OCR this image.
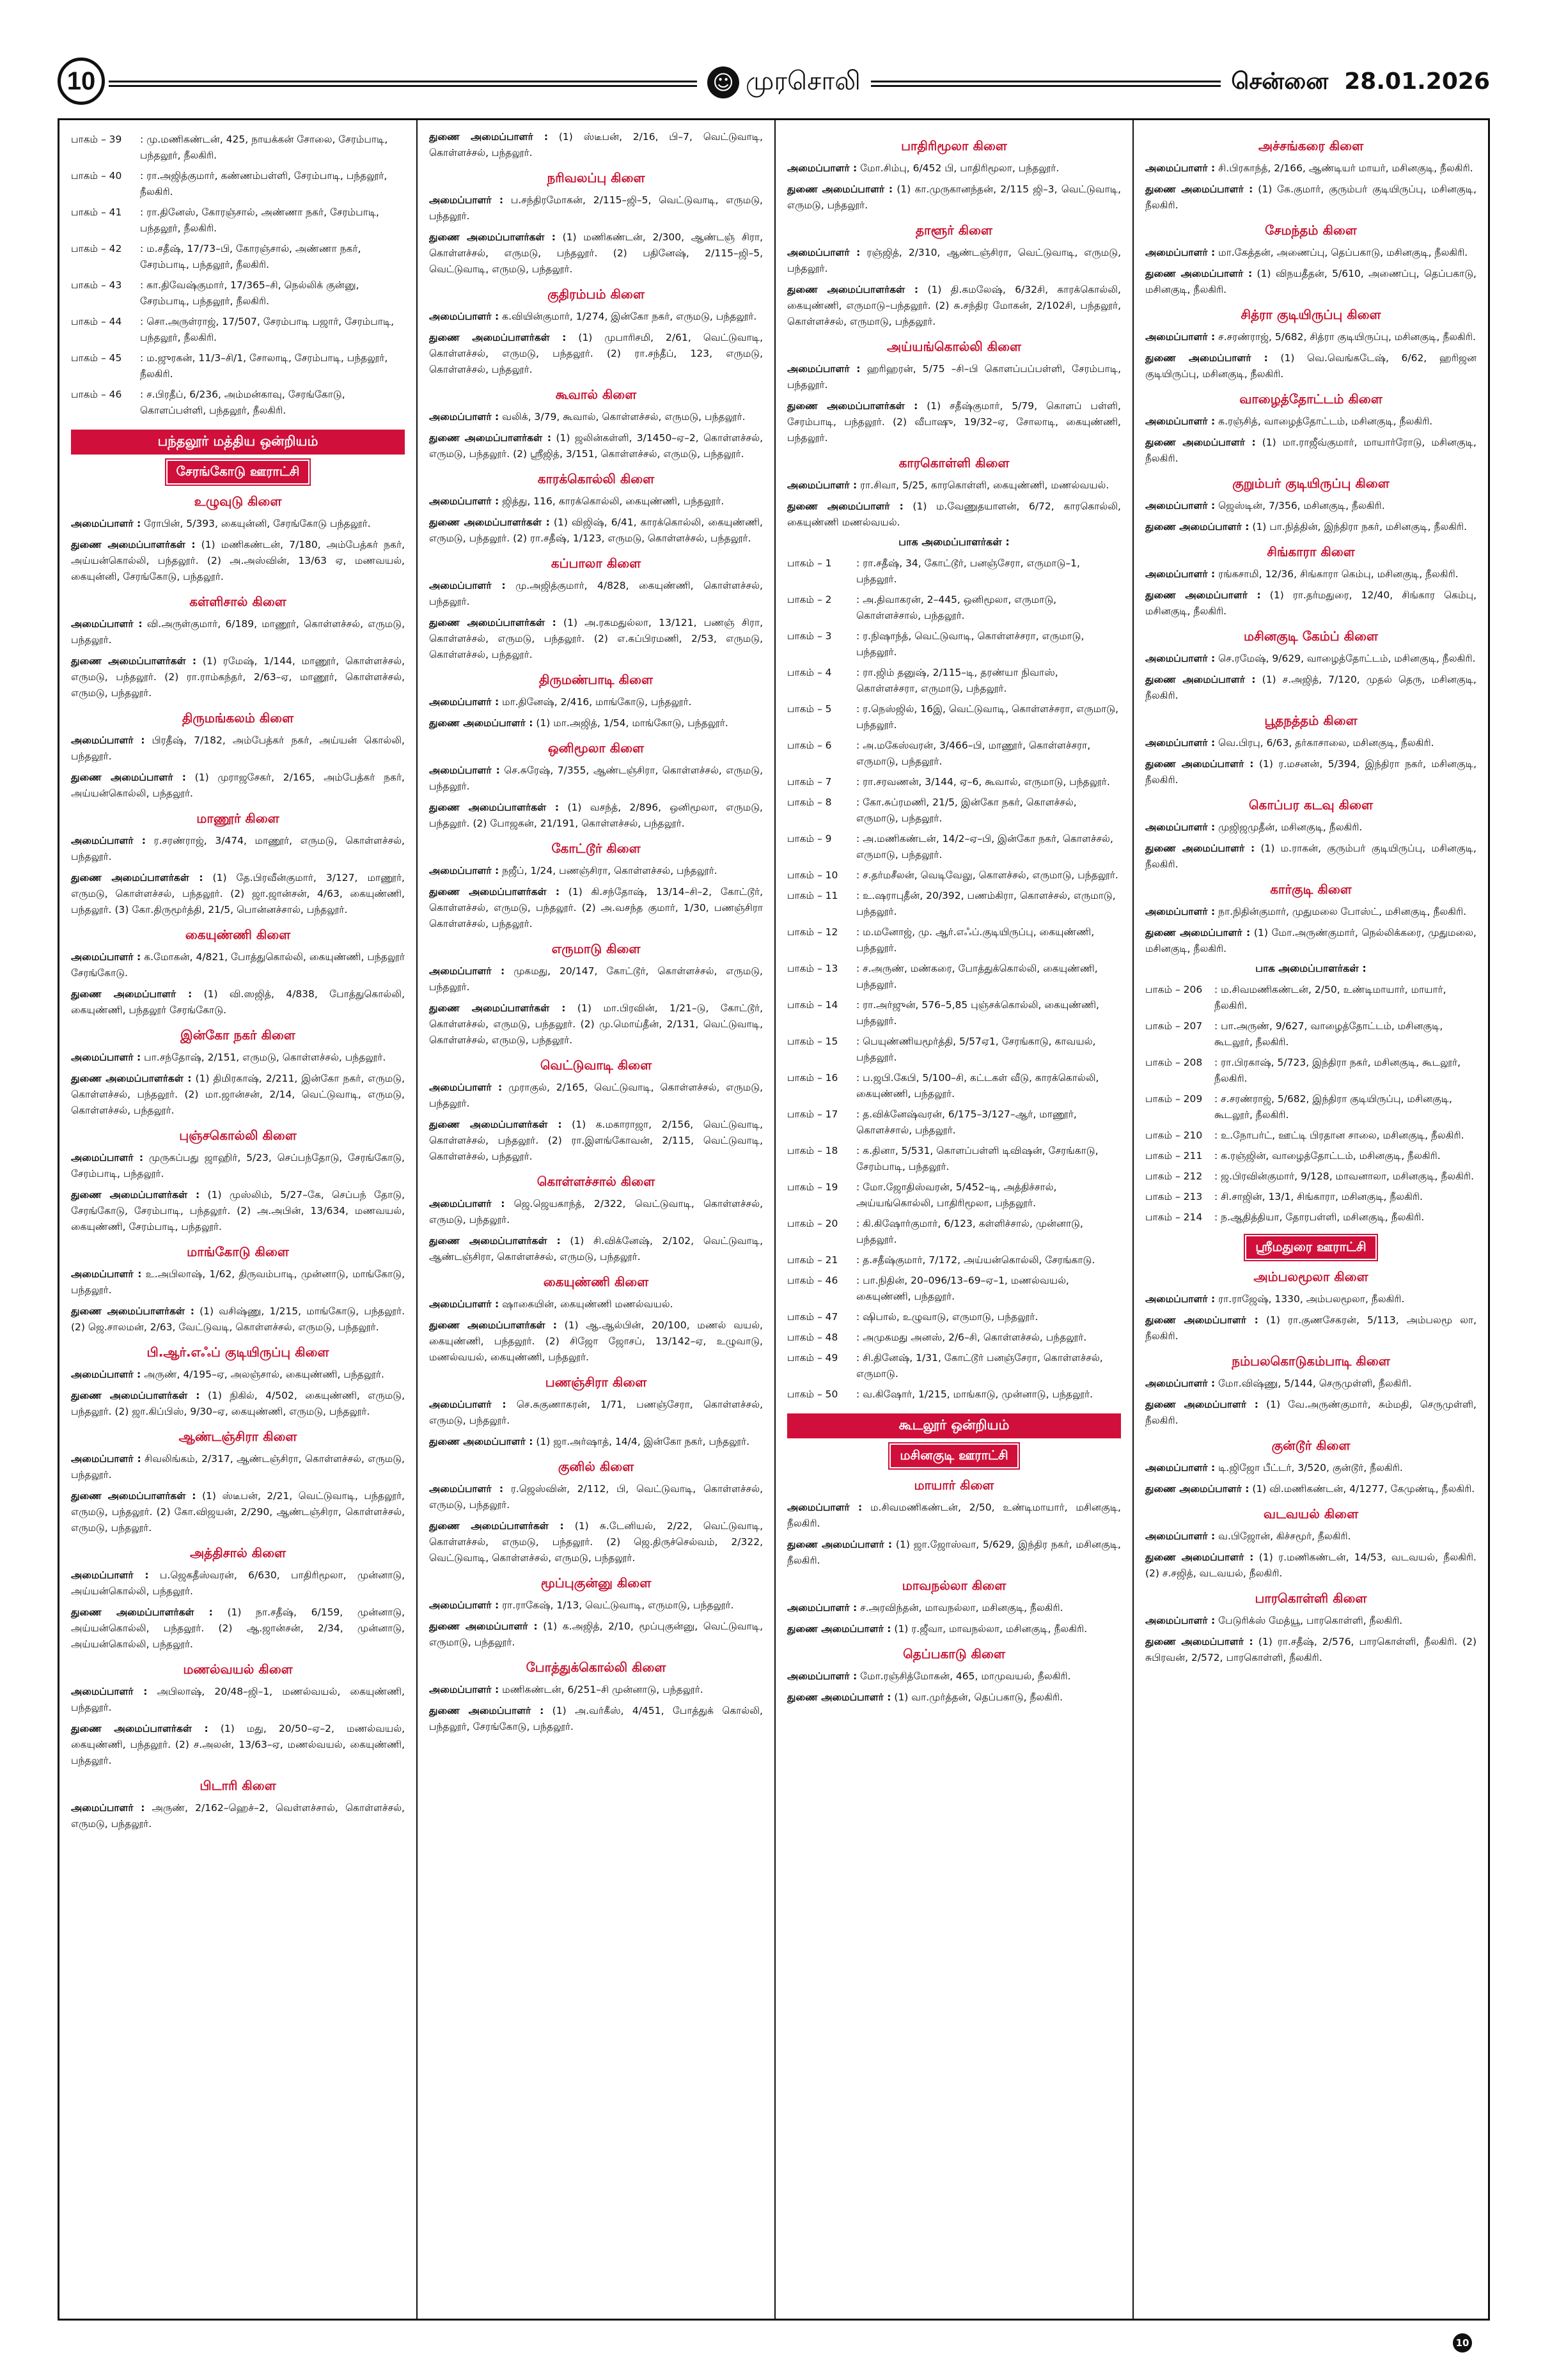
10	☺ முரசொலி	சென்னை 28.01.2026
பாகம் – 39	: மு.மணிகண்டன், 425, நாயக்கன் சோலை, சேரம்பாடி, பந்தலூர், நீலகிரி.
பாகம் – 40	: ரா.அஜித்குமார், கண்ணம்பள்ளி, சேரம்பாடி, பந்தலூர், நீலகிரி.
பாகம் – 41	: ரா.தினேஸ், கோரஞ்சால், அண்ணா நகர், சேரம்பாடி, பந்தலூர், நீலகிரி.
பாகம் – 42	: ம.சதீஷ், 17/73–பி, கோரஞ்சால், அண்ணா நகர், சேரம்பாடி, பந்தலூர், நீலகிரி.
பாகம் – 43	: கா.திவேஷ்குமார், 17/365–சி, நெல்லிக் குன்னு, சேரம்பாடி, பந்தலூர், நீலகிரி.
பாகம் – 44	: சொ.அருள்ராஜ், 17/507, சேரம்பாடி பஜார், சேரம்பாடி, பந்தலூர், நீலகிரி.
பாகம் – 45	: ம.ஜுரகன், 11/3–சி/1, சோலாடி, சேரம்பாடி, பந்தலூர், நீலகிரி.
பாகம் – 46	: ச.பிரதீப், 6/236, அம்மன்காவு, சேரங்கோடு, கொளப்பள்ளி, பந்தலூர், நீலகிரி.
பந்தலூர் மத்திய ஒன்றியம்
சேரங்கோடு ஊராட்சி
உழுவுடு கிளை

அமைப்பாளர் : ரோபின், 5/393, கையுன்னி, சேரங்கோடு பந்தலூர்.

துணை அமைப்பாளர்கள் : (1) மணிகண்டன், 7/180, அம்பேத்கர் நகர், அய்யன்கொல்லி, பந்தலூர். (2) அ.அஸ்வின், 13/63 ஏ, மணவயல், கையுன்னி, சேரங்கோடு, பந்தலூர்.

கள்ளிசால் கிளை

அமைப்பாளர் : வி.அருள்குமார், 6/189, மாணூர், கொள்ளச்சல், எருமடு, பந்தலூர்.

துணை அமைப்பாளர்கள் : (1) ரமேஷ், 1/144, மாணூர், கொள்ளச்சல், எருமடு, பந்தலூர். (2) ரா.ராம்கந்தர், 2/63–ஏ, மாணூர், கொள்ளச்சல், எருமடு, பந்தலூர்.

திருமங்கலம் கிளை

அமைப்பாளர் : பிரதீஷ், 7/182, அம்பேத்கர் நகர், அய்யன் கொல்லி, பந்தலூர்.

துணை அமைப்பாளர் : (1) முராஜசேகர், 2/165, அம்பேத்கர் நகர், அய்யன்கொல்லி, பந்தலூர்.

மாணூர் கிளை

அமைப்பாளர் : ர.சரண்ராஜ், 3/474, மாணூர், எருமடு, கொள்ளச்சல், பந்தலூர்.

துணை அமைப்பாளர்கள் : (1) தே.பிரவீன்குமார், 3/127, மாணூர், எருமடு, கொள்ளச்சல், பந்தலூர். (2) ஜா.ஜான்சன், 4/63, கையுண்ணி, பந்தலூர். (3) கோ.திருமூர்த்தி, 21/5, பொன்னச்சால், பந்தலூர்.

கையுண்ணி கிளை

அமைப்பாளர் : க.மோகன், 4/821, போத்துகொல்லி, கையுண்ணி, பந்தலூர் சேரங்கோடு.

துணை அமைப்பாளர் : (1) வி.ஸஜித், 4/838, போத்துகொல்லி, கையுண்ணி, பந்தலூர் சேரங்கோடு.

இன்கோ நகர் கிளை

அமைப்பாளர் : பா.சந்தோஷ், 2/151, எருமடு, கொள்ளச்சல், பந்தலூர்.

துணை அமைப்பாளர்கள் : (1) திமிரகாஷ், 2/211, இன்கோ நகர், எருமடு, கொள்ளச்சல், பந்தலூர். (2) மா.ஜான்சன், 2/14, வெட்டுவாடி, எருமடு, கொள்ளச்சல், பந்தலூர்.

புஞ்சகொல்லி கிளை

அமைப்பாளர் : முருகப்பது ஜாஹிர், 5/23, செப்பந்தோடு, சேரங்கோடு, சேரம்பாடி, பந்தலூர்.

துணை அமைப்பாளர்கள் : (1) முஸ்லிம், 5/27–கே, செப்பந் தோடு, சேரங்கோடு, சேரம்பாடி, பந்தலூர். (2) அ.அபின், 13/634, மணவயல், கையுண்ணி, சேரம்பாடி, பந்தலூர்.

மாங்கோடு கிளை

அமைப்பாளர் : உ.அபிலாஷ், 1/62, திருவம்பாடி, முன்னாடு, மாங்கோடு, பந்தலூர்.

துணை அமைப்பாளர்கள் : (1) வசிஷ்ணு, 1/215, மாங்கோடு, பந்தலூர். (2) ஜெ.சாலமன், 2/63, வேட்டுவடி, கொள்ளச்சல், எருமடு, பந்தலூர்.

பி.ஆர்.எஃப் குடியிருப்பு கிளை

அமைப்பாளர் : அருண், 4/195–ஏ, அலஞ்சால், கையுண்ணி, பந்தலூர்.

துணை அமைப்பாளர்கள் : (1) நிகில், 4/502, கையுண்ணி, எருமடு, பந்தலூர். (2) ஜா.கிப்பிஸ், 9/30–ஏ, கையுண்ணி, எருமடு, பந்தலூர்.

ஆண்டஞ்சிரா கிளை

அமைப்பாளர் : சிவலிங்கம், 2/317, ஆண்டஞ்சிரா, கொள்ளச்சல், எருமடு, பந்தலூர்.

துணை அமைப்பாளர்கள் : (1) ஸ்டீபன், 2/21, வெட்டுவாடி, பந்தலூர், எருமடு, பந்தலூர். (2) கோ.விஜயன், 2/290, ஆண்டஞ்சிரா, கொள்ளச்சல், எருமடு, பந்தலூர்.

அத்திசால் கிளை

அமைப்பாளர் : ப.ஜெகதீஸ்வரன், 6/630, பாதிரிமூலா, முன்னாடு, அய்யன்கொல்லி, பந்தலூர்.

துணை அமைப்பாளர்கள் : (1) நா.சதீஷ், 6/159, முன்னாடு, அய்யன்கொல்லி, பந்தலூர். (2) ஆ.ஜான்சன், 2/34, முன்னாடு, அய்யன்கொல்லி, பந்தலூர்.

மணல்வயல் கிளை

அமைப்பாளர் : அபிலாஷ், 20/48–ஜி–1, மணல்வயல், கையுண்ணி, பந்தலூர்.

துணை அமைப்பாளர்கள் : (1) மது, 20/50–ஏ–2, மணல்வயல், கையுண்ணி, பந்தலூர். (2) ச.அலன், 13/63–ஏ, மணல்வயல், கையுண்ணி, பந்தலூர்.

பிடாரி கிளை

அமைப்பாளர் : அருண், 2/162–ஹெச்–2, வெள்ளச்சால், கொள்ளச்சல், எருமடு, பந்தலூர்.

துணை அமைப்பாளர் : (1) ஸ்டீபன், 2/16, பி–7, வெட்டுவாடி, கொள்ளச்சல், பந்தலூர்.

நரிவலப்பு கிளை

அமைப்பாளர் : ப.சந்திரமோகன், 2/115–ஜி–5, வெட்டுவாடி, எருமடு, பந்தலூர்.

துணை அமைப்பாளர்கள் : (1) மணிகண்டன், 2/300, ஆண்டஞ் சிரா, கொள்ளச்சல், எருமடு, பந்தலூர். (2) பதினேஷ், 2/115–ஜி–5, வெட்டுவாடி, எருமடு, பந்தலூர்.

குதிரம்பம் கிளை

அமைப்பாளர் : க.வியின்குமார், 1/274, இன்கோ நகர், எருமடு, பந்தலூர்.

துணை அமைப்பாளர்கள் : (1) முபாரிசமி, 2/61, வெட்டுவாடி, கொள்ளச்சல், எருமடு, பந்தலூர். (2) ரா.சந்தீப், 123, எருமடு, கொள்ளச்சல், பந்தலூர்.

கூவால் கிளை

அமைப்பாளர் : வலிக், 3/79, கூவால், கொள்ளச்சல், எருமடு, பந்தலூர்.

துணை அமைப்பாளர்கள் : (1) ஜலின்கள்ளி, 3/1450–ஏ–2, கொள்ளச்சல், எருமடு, பந்தலூர். (2) ஸ்ரீஜித், 3/151, கொள்ளச்சல், எருமடு, பந்தலூர்.

காரக்கொல்லி கிளை

அமைப்பாளர் : ஜித்து, 116, காரக்கொல்லி, கையுண்ணி, பந்தலூர்.

துணை அமைப்பாளர்கள் : (1) விஜிஷ், 6/41, காரக்கொல்லி, கையுண்ணி, எருமடு, பந்தலூர். (2) ரா.சதீஷ், 1/123, எருமடு, கொள்ளச்சல், பந்தலூர்.

கப்பாலா கிளை

அமைப்பாளர் : மு.அஜித்குமார், 4/828, கையுண்ணி, கொள்ளச்சல், பந்தலூர்.

துணை அமைப்பாளர்கள் : (1) அ.ரகமதுல்லா, 13/121, பணஞ் சிரா, கொள்ளச்சல், எருமடு, பந்தலூர். (2) எ.கப்பிரமணி, 2/53, எருமடு, கொள்ளச்சல், பந்தலூர்.

திருமண்பாடி கிளை

அமைப்பாளர் : மா.தினேஷ், 2/416, மாங்கோடு, பந்தலூர்.

துணை அமைப்பாளர் : (1) மா.அஜித், 1/54, மாங்கோடு, பந்தலூர்.

ஒனிமூலா கிளை

அமைப்பாளர் : செ.சுரேஷ், 7/355, ஆண்டஞ்சிரா, கொள்ளச்சல், எருமடு, பந்தலூர்.

துணை அமைப்பாளர்கள் : (1) வசந்த், 2/896, ஒனிமூலா, எருமடு, பந்தலூர். (2) போஜகன், 21/191, கொள்ளச்சல், பந்தலூர்.

கோட்டூர் கிளை

அமைப்பாளர் : நஜீப், 1/24, பணஞ்சிரா, கொள்ளச்சல், பந்தலூர்.

துணை அமைப்பாளர்கள் : (1) கி.சந்தோஷ், 13/14–சி–2, கோட்டூர், கொள்ளச்சல், எருமடு, பந்தலூர். (2) அ.வசந்த குமார், 1/30, பணஞ்சிரா கொள்ளச்சல், பந்தலூர்.

எருமாடு கிளை

அமைப்பாளர் : முகமது, 20/147, கோட்டூர், கொள்ளச்சல், எருமடு, பந்தலூர்.

துணை அமைப்பாளர்கள் : (1) மா.பிரவின், 1/21–டு, கோட்டூர், கொள்ளச்சல், எருமடு, பந்தலூர். (2) மு.மொய்தீன், 2/131, வெட்டுவாடி, கொள்ளச்சல், எருமடு, பந்தலூர்.

வெட்டுவாடி கிளை

அமைப்பாளர் : முராகுல், 2/165, வெட்டுவாடி, கொள்ளச்சல், எருமடு, பந்தலூர்.

துணை அமைப்பாளர்கள் : (1) க.மகாராஜா, 2/156, வெட்டுவாடி, கொள்ளச்சல், பந்தலூர். (2) ரா.இளங்கோவன், 2/115, வெட்டுவாடி, கொள்ளச்சல், பந்தலூர்.

கொள்ளச்சால் கிளை

அமைப்பாளர் : ஜெ.ஜெயகாந்த், 2/322, வெட்டுவாடி, கொள்ளச்சல், எருமடு, பந்தலூர்.

துணை அமைப்பாளர்கள் : (1) சி.விக்னேஷ், 2/102, வெட்டுவாடி, ஆண்டஞ்சிரா, கொள்ளச்சல், எருமடு, பந்தலூர்.

கையுண்ணி கிளை

அமைப்பாளர் : ஷாகையின், கையுண்ணி மணல்வயல்.

துணை அமைப்பாளர்கள் : (1) ஆ.ஆல்பின், 20/100, மணல் வயல், கையுண்ணி, பந்தலூர். (2) சிஜோ ஜோசப், 13/142–ஏ, உழுவாடு, மணல்வயல், கையுண்ணி, பந்தலூர்.

பணஞ்சிரா கிளை

அமைப்பாளர் : செ.சுகுணாகரன், 1/71, பணஞ்சேரா, கொள்ளச்சல், எருமடு, பந்தலூர்.

துணை அமைப்பாளர் : (1) ஜா.அர்ஷாத், 14/4, இன்கோ நகர், பந்தலூர்.

குனில் கிளை

அமைப்பாளர் : ர.ஜெஸ்வின், 2/112, பி, வெட்டுவாடி, கொள்ளச்சல், எருமடு, பந்தலூர்.

துணை அமைப்பாளர்கள் : (1) சு.டேனியல், 2/22, வெட்டுவாடி, கொள்ளச்சல், எருமடு, பந்தலூர். (2) ஜெ.திருச்செல்வம், 2/322, வெட்டுவாடி, கொள்ளச்சல், எருமடு, பந்தலூர்.

மூப்புகுன்னு கிளை

அமைப்பாளர் : ரா.ராகேஷ், 1/13, வெட்டுவாடி, எருமாடு, பந்தலூர்.

துணை அமைப்பாளர் : (1) க.அஜித், 2/10, மூப்புகுன்னு, வெட்டுவாடி, எருமாடு, பந்தலூர்.

போத்துக்கொல்லி கிளை

அமைப்பாளர் : மணிகண்டன், 6/251–சி முன்னாடு, பந்தலூர்.

துணை அமைப்பாளர் : (1) அ.வர்கீஸ், 4/451, போத்துக் கொல்லி, பந்தலூர், சேரங்கோடு, பந்தலூர்.

பாதிரிமூலா கிளை

அமைப்பாளர் : மோ.சிம்பு, 6/452 பி, பாதிரிமூலா, பந்தலூர்.

துணை அமைப்பாளர் : (1) கா.முருகானந்தன், 2/115 ஜி–3, வெட்டுவாடி, எருமடு, பந்தலூர்.

தாளூர் கிளை

அமைப்பாளர் : ரஞ்ஜித், 2/310, ஆண்டஞ்சிரா, வெட்டுவாடி, எருமடு, பந்தலூர்.

துணை அமைப்பாளர்கள் : (1) தி.கமலேஷ், 6/32சி, காரக்கொல்லி, கையுண்ணி, எருமாடு–பந்தலூர். (2) சு.சந்திர மோகன், 2/102சி, பந்தலூர், கொள்ளச்சல், எருமாடு, பந்தலூர்.

அய்யங்கொல்லி கிளை

அமைப்பாளர் : ஹரிஹரன், 5/75 –சி–பி கொளப்பப்பள்ளி, சேரம்பாடி, பந்தலூர்.

துணை அமைப்பாளர்கள் : (1) சதீஷ்குமார், 5/79, கொளப் பள்ளி, சேரம்பாடி, பந்தலூர். (2) வீபாஷு, 19/32–ஏ, சோலாடி, கையுண்ணி, பந்தலூர்.

காரகொள்ளி கிளை

அமைப்பாளர் : ரா.சிவா, 5/25, காரகொள்ளி, கையுண்ணி, மணல்வயல்.

துணை அமைப்பாளர் : (1) ம.வேணுதயாளன், 6/72, காரகொல்லி, கையுண்ணி மணல்வயல்.

பாக அமைப்பாளர்கள் :
பாகம் – 1	: ரா.சதீஷ், 34, கோட்டூர், பனஞ்சேரா, எருமாடு–1, பந்தலூர்.
பாகம் – 2	: அ.திவாகரன், 2–445, ஒனிமூலா, எருமாடு, கொள்ளச்சால், பந்தலூர்.
பாகம் – 3	: ர.நிஷாந்த், வெட்டுவாடி, கொள்ளச்சரா, எருமாடு, பந்தலூர்.
பாகம் – 4	: ரா.ஜிம் தனுஷ், 2/115–டி, தரண்யா நிவாஸ், கொள்ளச்சரா, எருமாடு, பந்தலூர்.
பாகம் – 5	: ர.நெஸ்ஜில், 16இ, வெட்டுவாடி, கொள்ளச்சரா, எருமாடு, பந்தலூர்.
பாகம் – 6	: அ.மகேஸ்வரன், 3/466–பி, மாணூர், கொள்ளச்சரா, எருமாடு, பந்தலூர்.
பாகம் – 7	: ரா.சரவணன், 3/144, ஏ–6, கூவால், எருமாடு, பந்தலூர்.
பாகம் – 8	: கோ.சுப்ரமணி, 21/5, இன்கோ நகர், கொளச்சல், எருமாடு, பந்தலூர்.
பாகம் – 9	: அ.மணிகண்டன், 14/2–ஏ–பி, இன்கோ நகர், கொளச்சல், எருமாடு, பந்தலூர்.
பாகம் – 10	: ச.தர்மசீலன், வெடிவேலு, கொளச்சல், எருமாடு, பந்தலூர்.
பாகம் – 11	: உ.ஷராபுதீன், 20/392, பணம்கிரா, கொளச்சல், எருமாடு, பந்தலூர்.
பாகம் – 12	: ம.மனோஜ், மு. ஆர்.எஃப்.குடியிருப்பு, கையுண்ணி, பந்தலூர்.
பாகம் – 13	: ச.அருண், மண்கரை, போத்துக்கொல்லி, கையுண்ணி, பந்தலூர்.
பாகம் – 14	: ரா.அர்ஜுன், 576–5,85 புஞ்சக்கொல்லி, கையுண்ணி, பந்தலூர்.
பாகம் – 15	: பெயுண்ணியமூர்த்தி, 5/57ஏ1, சேரங்காடு, காவயல், பந்தலூர்.
பாகம் – 16	: ப.ஜபி.கேபி, 5/100–சி, கட்டகள் வீடு, காரக்கொல்லி, கையுண்ணி, பந்தலூர்.
பாகம் – 17	: த.விக்னேஷ்வரன், 6/175–3/127–ஆர், மாணூர், கொளச்சால், பந்தலூர்.
பாகம் – 18	: க.தினா, 5/531, கொளப்பள்ளி டிவிஷன், சேரங்காடு, சேரம்பாடி, பந்தலூர்.
பாகம் – 19	: மோ.ஜோதிஸ்வரன், 5/452–டி, அத்திச்சால், அய்யங்கொல்லி, பாதிரிமூலா, பந்தலூர்.
பாகம் – 20	: கி.கிஷோர்குமார், 6/123, கள்ளிச்சால், முன்னாடு, பந்தலூர்.
பாகம் – 21	: த.சதீஷ்குமார், 7/172, அய்யன்கொல்லி, சேரங்காடு.
பாகம் – 46	: பா.நிதின், 20–096/13–69–ஏ–1, மணல்வயல், கையுண்ணி, பந்தலூர்.
பாகம் – 47	: ஷிபால், உழுவாடு, எருமாடு, பந்தலூர்.
பாகம் – 48	: அமுகமது அனஸ், 2/6–சி, கொள்ளச்சல், பந்தலூர்.
பாகம் – 49	: சி.தினேஷ், 1/31, கோட்டூர் பனஞ்சேரா, கொள்ளச்சல், எருமாடு.
பாகம் – 50	: வ.கிஷோர், 1/215, மாங்காடு, முன்னாடு, பந்தலூர்.
கூடலூர் ஒன்றியம்
மசினகுடி ஊராட்சி
மாயார் கிளை

அமைப்பாளர் : ம.சிவமணிகண்டன், 2/50, உண்டிமாயார், மசினகுடி, நீலகிரி.

துணை அமைப்பாளர் : (1) ஜா.ஜோஸ்வா, 5/629, இந்திர நகர், மசினகுடி, நீலகிரி.

மாவநல்லா கிளை

அமைப்பாளர் : ச.அரவிந்தன், மாவநல்லா, மசினகுடி, நீலகிரி.

துணை அமைப்பாளர் : (1) ர.ஜீவா, மாவநல்லா, மசினகுடி, நீலகிரி.

தெப்பகாடு கிளை

அமைப்பாளர் : மோ.ரஞ்சித்மோகன், 465, மாமுவயல், நீலகிரி.

துணை அமைப்பாளர் : (1) வா.முர்த்தன், தெப்பகாடு, நீலகிரி.

அச்சங்கரை கிளை

அமைப்பாளர் : சி.பிரகாந்த், 2/166, ஆண்டியர் மாயர், மசினகுடி, நீலகிரி.

துணை அமைப்பாளர் : (1) கே.குமார், குரும்பர் குடியிருப்பு, மசினகுடி, நீலகிரி.

சேமந்தம் கிளை

அமைப்பாளர் : மா.கேத்தன், அணைப்பு, தெப்பகாடு, மசினகுடி, நீலகிரி.

துணை அமைப்பாளர் : (1) விநயதீதன், 5/610, அணைப்பு, தெப்பகாடு, மசினகுடி, நீலகிரி.

சித்ரா குடியிருப்பு கிளை

அமைப்பாளர் : ச.சரண்ராஜ், 5/682, சித்ரா குடியிருப்பு, மசினகுடி, நீலகிரி.

துணை அமைப்பாளர் : (1) வெ.வெங்கடேஷ், 6/62, ஹரிஜன குடியிருப்பு, மசினகுடி, நீலகிரி.

வாழைத்தோட்டம் கிளை

அமைப்பாளர் : க.ரஞ்சித், வாழைத்தோட்டம், மசினகுடி, நீலகிரி.

துணை அமைப்பாளர் : (1) மா.ராஜீவ்குமார், மாயார்ரோடு, மசினகுடி, நீலகிரி.

குறும்பர் குடியிருப்பு கிளை

அமைப்பாளர் : ஜெஸ்டின், 7/356, மசினகுடி, நீலகிரி.

துணை அமைப்பாளர் : (1) பா.நித்தின், இந்திரா நகர், மசினகுடி, நீலகிரி.

சிங்காரா கிளை

அமைப்பாளர் : ரங்கசாமி, 12/36, சிங்காரா கெம்பு, மசினகுடி, நீலகிரி.

துணை அமைப்பாளர் : (1) ரா.தர்மதுரை, 12/40, சிங்கார கெம்பு, மசினகுடி, நீலகிரி.

மசினகுடி கேம்ப் கிளை

அமைப்பாளர் : செ.ரமேஷ், 9/629, வாழைத்தோட்டம், மசினகுடி, நீலகிரி.

துணை அமைப்பாளர் : (1) ச.அஜித், 7/120, முதல் தெரு, மசினகுடி, நீலகிரி.

பூதநத்தம் கிளை

அமைப்பாளர் : வெ.பிரபு, 6/63, தர்காசாலை, மசினகுடி, நீலகிரி.

துணை அமைப்பாளர் : (1) ர.மசனன், 5/394, இந்திரா நகர், மசினகுடி, நீலகிரி.

கொப்பர கடவு கிளை

அமைப்பாளர் : முஜிஜமுதீன், மசினகுடி, நீலகிரி.

துணை அமைப்பாளர் : (1) ம.ராகன், குரும்பர் குடியிருப்பு, மசினகுடி, நீலகிரி.

கார்குடி கிளை

அமைப்பாளர் : நா.நிதின்குமார், முதுமலை போஸ்ட், மசினகுடி, நீலகிரி.

துணை அமைப்பாளர் : (1) மோ.அருண்குமார், நெல்லிக்கரை, முதுமலை, மசினகுடி, நீலகிரி.

பாக அமைப்பாளர்கள் :
பாகம் – 206	: ம.சிவமணிகண்டன், 2/50, உண்டிமாயார், மாயார், நீலகிரி.
பாகம் – 207	: பா.அருண், 9/627, வாழைத்தோட்டம், மசினகுடி, கூடலூர், நீலகிரி.
பாகம் – 208	: ரா.பிரகாஷ், 5/723, இந்திரா நகர், மசினகுடி, கூடலூர், நீலகிரி.
பாகம் – 209	: ச.சரண்ராஜ், 5/682, இந்திரா குடியிருப்பு, மசினகுடி, கூடலூர், நீலகிரி.
பாகம் – 210	: உ.நோபர்ட், ஊட்டி பிரதான சாலை, மசினகுடி, நீலகிரி.
பாகம் – 211	: க.ரஞ்ஜின், வாழைத்தோட்டம், மசினகுடி, நீலகிரி.
பாகம் – 212	: ஜ.பிரவின்குமார், 9/128, மாவனாலா, மசினகுடி, நீலகிரி.
பாகம் – 213	: சி.சாஜின், 13/1, சிங்காரா, மசினகுடி, நீலகிரி.
பாகம் – 214	: ந.ஆதித்தியா, தோரபள்ளி, மசினகுடி, நீலகிரி.
ஸ்ரீமதுரை ஊராட்சி
அம்பலமூலா கிளை

அமைப்பாளர் : ரா.ராஜேஷ், 1330, அம்பலமூலா, நீலகிரி.

துணை அமைப்பாளர் : (1) ரா.குணசேகரன், 5/113, அம்பலமூ லா, நீலகிரி.

நம்பலகொடுகம்பாடி கிளை

அமைப்பாளர் : மோ.விஷ்ணு, 5/144, செருமுள்ளி, நீலகிரி.

துணை அமைப்பாளர் : (1) வே.அருண்குமார், சும்மதி, செருமுள்ளி, நீலகிரி.

குன்டூர் கிளை

அமைப்பாளர் : டி.ஜிஜோ பீட்டர், 3/520, குன்டூர், நீலகிரி.

துணை அமைப்பாளர் : (1) வி.மணிகண்டன், 4/1277, கேமுண்டி, நீலகிரி.

வடவயல் கிளை

அமைப்பாளர் : வ.பிஜோன், கிச்சமூர், நீலகிரி.

துணை அமைப்பாளர் : (1) ர.மணிகண்டன், 14/53, வடவயல், நீலகிரி. (2) ச.சஜித், வடவயல், நீலகிரி.

பாரகொள்ளி கிளை

அமைப்பாளர் : பேடுரிக்ஸ் மேத்யூ, பாரகொள்ளி, நீலகிரி.

துணை அமைப்பாளர் : (1) ரா.சதீஷ், 2/576, பாரகொள்ளி, நீலகிரி. (2) சுபிரவன், 2/572, பாரகொள்ளி, நீலகிரி.

10
